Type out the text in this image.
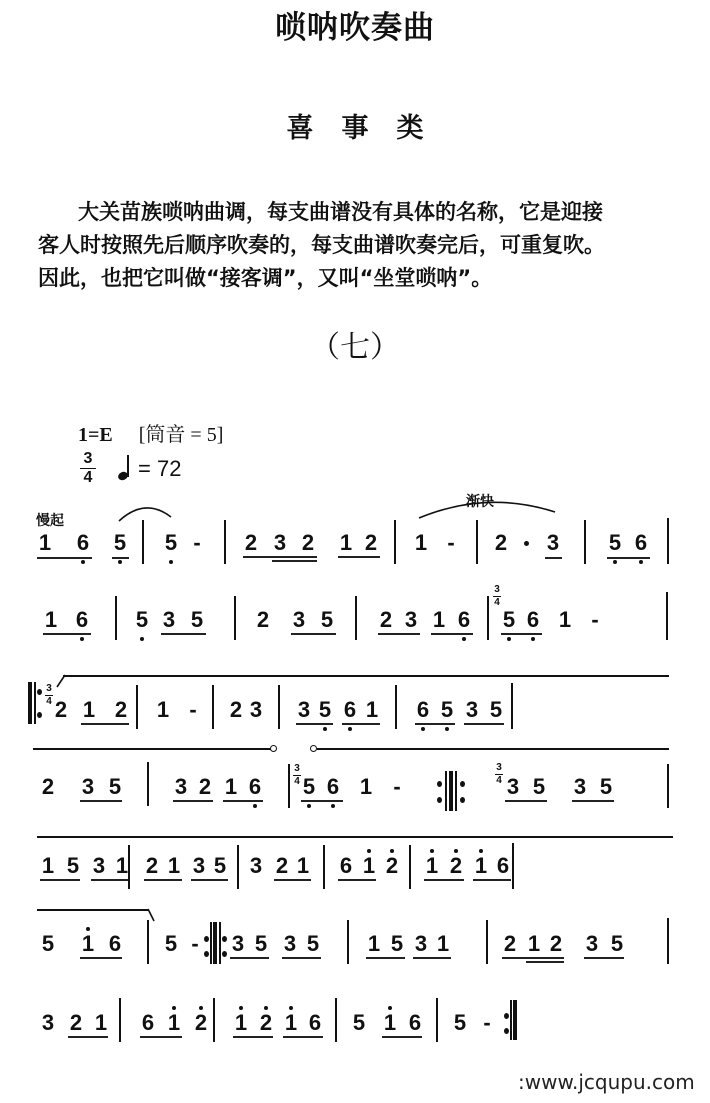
唢呐吹奏曲
喜 事 类

大关苗族唢呐曲调，每支曲谱没有具体的名称，它是迎接

客人时按照先后顺序吹奏的，每支曲谱吹奏完后，可重复吹。

因此，也把它叫做“接客调”，又叫“坐堂唢呐”。

（七）
1=E [筒音 = 5]
3
4	= 72
慢起
渐快
1 6 5 5 - 2 3 2 1 2 1 - 2 3 5 6
1 6 5 3 5 2 3 5 2 3 1 6
3
4
5 6 1 -
3
4 2 1 2 1 - 2 3 3 5 6 1 6 5 3 5
2 3 5 3 2 1 6
3
4 5 6 1 -
3
4 3 5 3 5
1 5 3 1 2 1 3 5 3 2 1 6 1 2 1 2 1 6
5 1 6 5 - 3 5 3 5 1 5 3 1 2 1 2 3 5
3 2 1 6 1 2 1 2 1 6 5 1 6 5 -
:www.jcqupu.com
